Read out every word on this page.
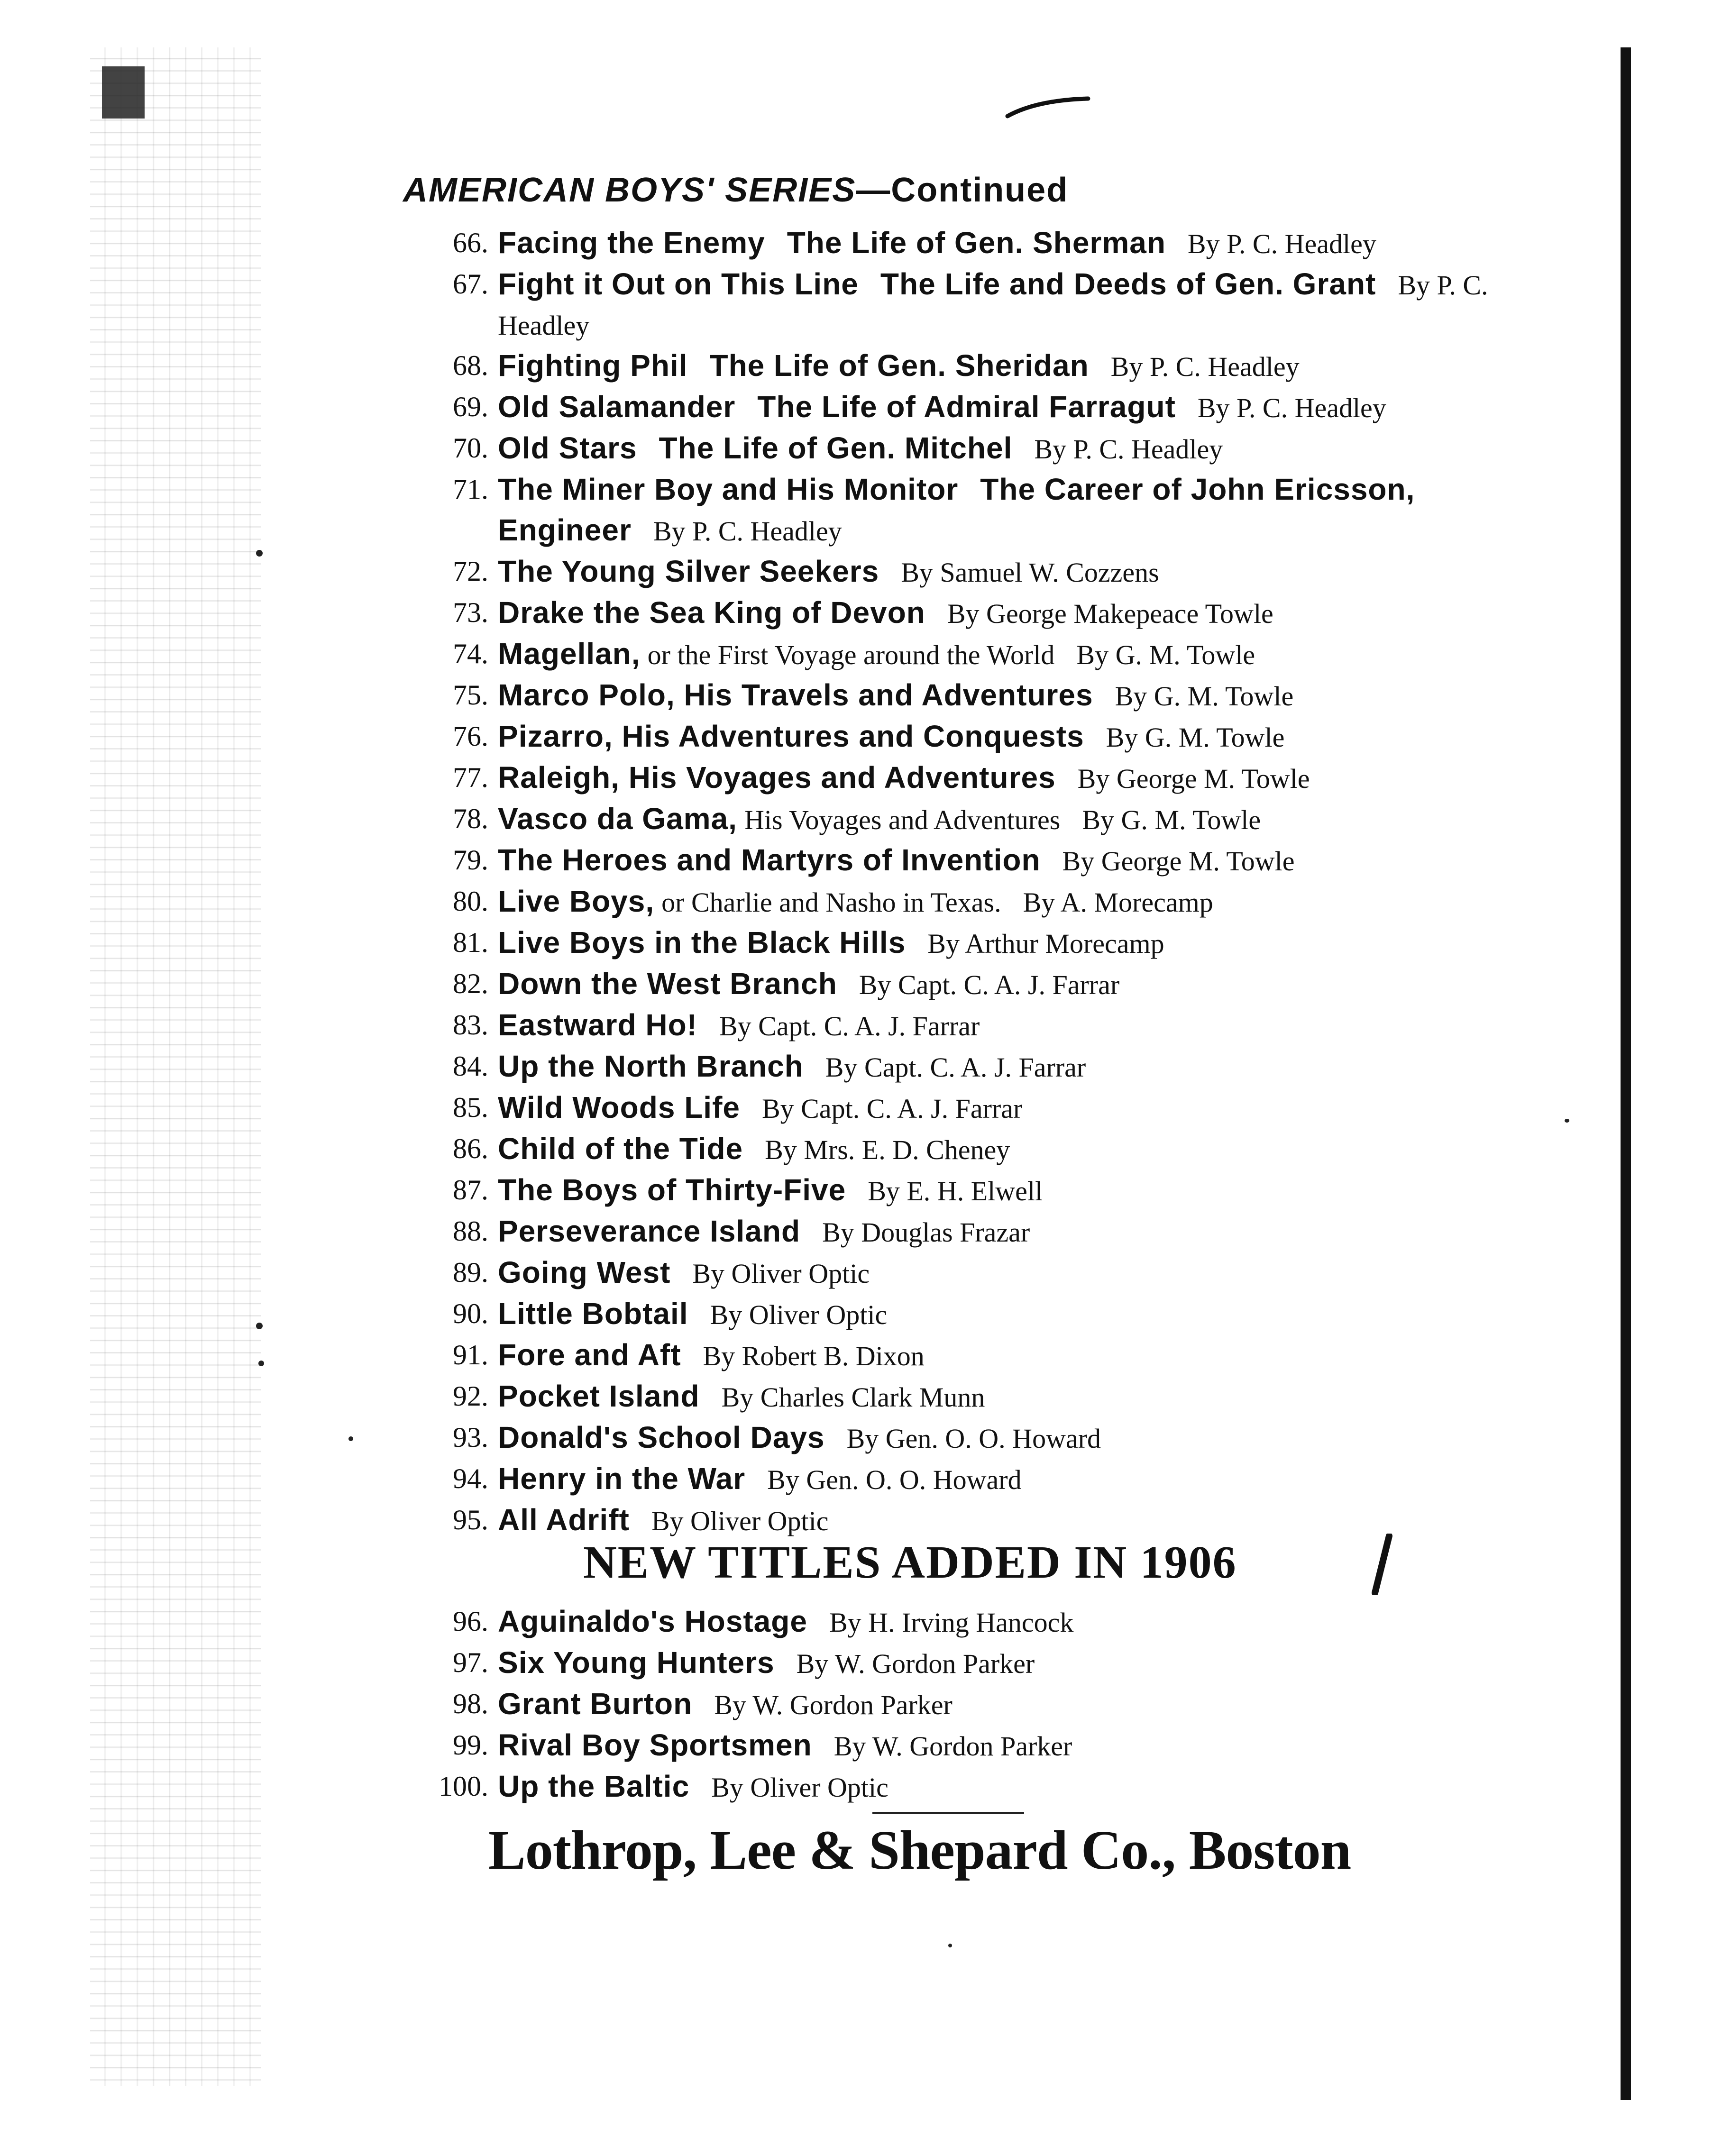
AMERICAN BOYS' SERIES—Continued
66. Facing the Enemy The Life of Gen. Sherman By P. C. Headley
67. Fight it Out on This Line The Life and Deeds of Gen. Grant By P. C. Headley
68. Fighting Phil The Life of Gen. Sheridan By P. C. Headley
69. Old Salamander The Life of Admiral Farragut By P. C. Headley
70. Old Stars The Life of Gen. Mitchel By P. C. Headley
71. The Miner Boy and His Monitor The Career of John Ericsson, Engineer By P. C. Headley
72. The Young Silver Seekers By Samuel W. Cozzens
73. Drake the Sea King of Devon By George Makepeace Towle
74. Magellan, or the First Voyage around the World By G. M. Towle
75. Marco Polo, His Travels and Adventures By G. M. Towle
76. Pizarro, His Adventures and Conquests By G. M. Towle
77. Raleigh, His Voyages and Adventures By George M. Towle
78. Vasco da Gama, His Voyages and Adventures By G. M. Towle
79. The Heroes and Martyrs of Invention By George M. Towle
80. Live Boys, or Charlie and Nasho in Texas. By A. Morecamp
81. Live Boys in the Black Hills By Arthur Morecamp
82. Down the West Branch By Capt. C. A. J. Farrar
83. Eastward Ho! By Capt. C. A. J. Farrar
84. Up the North Branch By Capt. C. A. J. Farrar
85. Wild Woods Life By Capt. C. A. J. Farrar
86. Child of the Tide By Mrs. E. D. Cheney
87. The Boys of Thirty-Five By E. H. Elwell
88. Perseverance Island By Douglas Frazar
89. Going West By Oliver Optic
90. Little Bobtail By Oliver Optic
91. Fore and Aft By Robert B. Dixon
92. Pocket Island By Charles Clark Munn
93. Donald's School Days By Gen. O. O. Howard
94. Henry in the War By Gen. O. O. Howard
95. All Adrift By Oliver Optic
NEW TITLES ADDED IN 1906
96. Aguinaldo's Hostage By H. Irving Hancock
97. Six Young Hunters By W. Gordon Parker
98. Grant Burton By W. Gordon Parker
99. Rival Boy Sportsmen By W. Gordon Parker
100. Up the Baltic By Oliver Optic
Lothrop, Lee & Shepard Co., Boston
